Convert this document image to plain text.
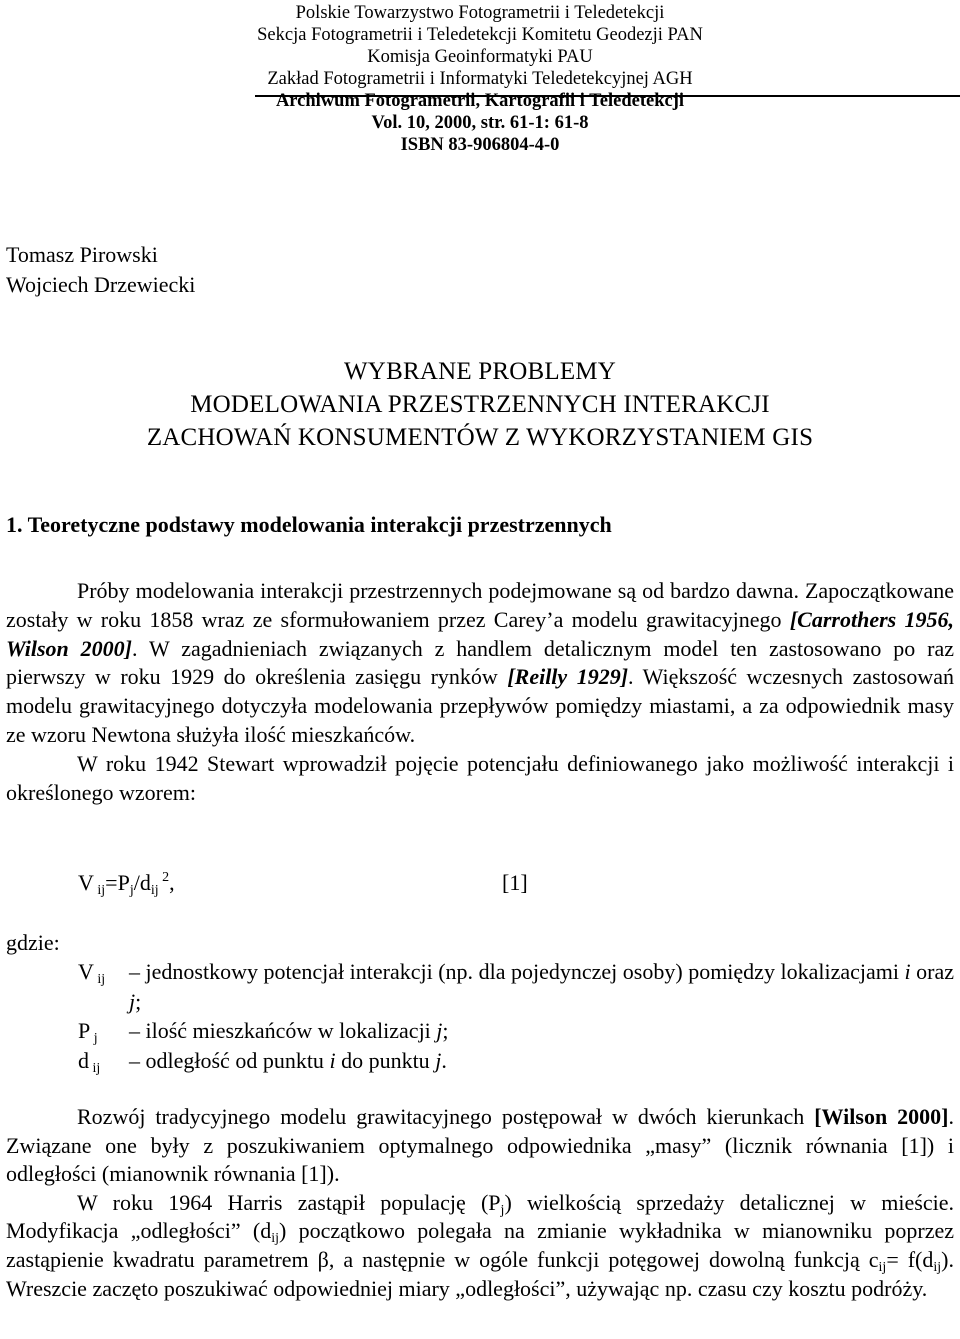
Polskie Towarzystwo Fotogrametrii i Teledetekcji
Sekcja Fotogrametrii i Teledetekcji Komitetu Geodezji PAN
Komisja Geoinformatyki PAU
Zakład Fotogrametrii i Informatyki Teledetekcyjnej AGH
Archiwum Fotogrametrii, Kartografii i Teledetekcji
Vol. 10, 2000, str. 61-1: 61-8
ISBN 83-906804-4-0
Tomasz Pirowski
Wojciech Drzewiecki
WYBRANE PROBLEMY
MODELOWANIA PRZESTRZENNYCH INTERAKCJI
ZACHOWAŃ KONSUMENTÓW Z WYKORZYSTANIEM GIS
1. Teoretyczne podstawy modelowania interakcji przestrzennych

Próby modelowania interakcji przestrzennych podejmowane są od bardzo dawna. Zapoczątkowane zostały w roku 1858 wraz ze sformułowaniem przez Carey’a modelu grawitacyjnego [Carrothers 1956, Wilson 2000]. W zagadnieniach związanych z handlem detalicznym model ten zastosowano po raz pierwszy w roku 1929 do określenia zasięgu rynków [Reilly 1929]. Większość wczesnych zastosowań modelu grawitacyjnego dotyczyła modelowania przepływów pomiędzy miastami, a za odpowiednik masy ze wzoru Newtona służyła ilość mieszkańców.

W roku 1942 Stewart wprowadził pojęcie potencjału definiowanego jako możliwość interakcji i określonego wzorem:

V $_{ij}=P_j/d_{ij}$ $^2$,	[1]
gdzie:
V $_{ij}$	– jednostkowy potencjał interakcji (np. dla pojedynczej osoby) pomiędzy lokalizacjami i oraz j;
P $_j$	– ilość mieszkańców w lokalizacji j;
d $_{ij}$	– odległość od punktu i do punktu j.

Rozwój tradycyjnego modelu grawitacyjnego postępował w dwóch kierunkach [Wilson 2000]. Związane one były z poszukiwaniem optymalnego odpowiednika „masy” (licznik równania [1]) i odległości (mianownik równania [1]).

W roku 1964 Harris zastąpił populację $(P_j)$ wielkością sprzedaży detalicznej w mieście. Modyfikacja „odległości” $(d_{ij})$ początkowo polegała na zmianie wykładnika w mianowniku poprzez zastąpienie kwadratu parametrem β, a następnie w ogóle funkcji potęgowej dowolną funkcją $c_{ij}= f(d_{ij})$. Wreszcie zaczęto poszukiwać odpowiedniej miary „odległości”, używając np. czasu czy kosztu podróży.
